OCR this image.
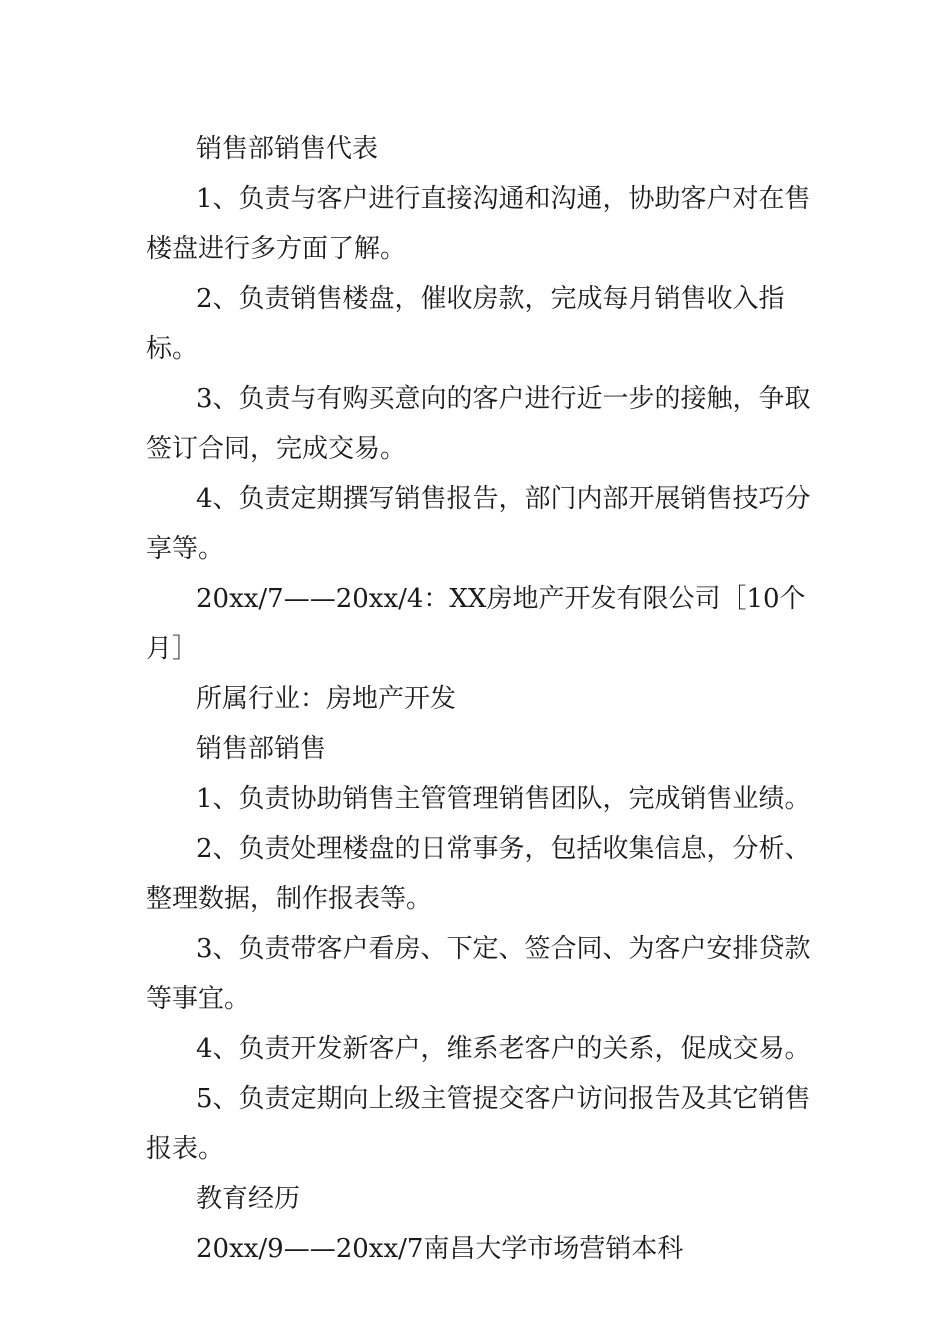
销售部销售代表

1、负责与客户进行直接沟通和沟通，协助客户对在售楼盘进行多方面了解。

2、负责销售楼盘，催收房款，完成每月销售收入指标。

3、负责与有购买意向的客户进行近一步的接触，争取签订合同，完成交易。

4、负责定期撰写销售报告，部门内部开展销售技巧分享等。

20xx/7——20xx/4：XX房地产开发有限公司［10个月］

所属行业：房地产开发

销售部销售

1、负责协助销售主管管理销售团队，完成销售业绩。

2、负责处理楼盘的日常事务，包括收集信息，分析、整理数据，制作报表等。

3、负责带客户看房、下定、签合同、为客户安排贷款等事宜。

4、负责开发新客户，维系老客户的关系，促成交易。

5、负责定期向上级主管提交客户访问报告及其它销售报表。

教育经历

20xx/9——20xx/7南昌大学市场营销本科
